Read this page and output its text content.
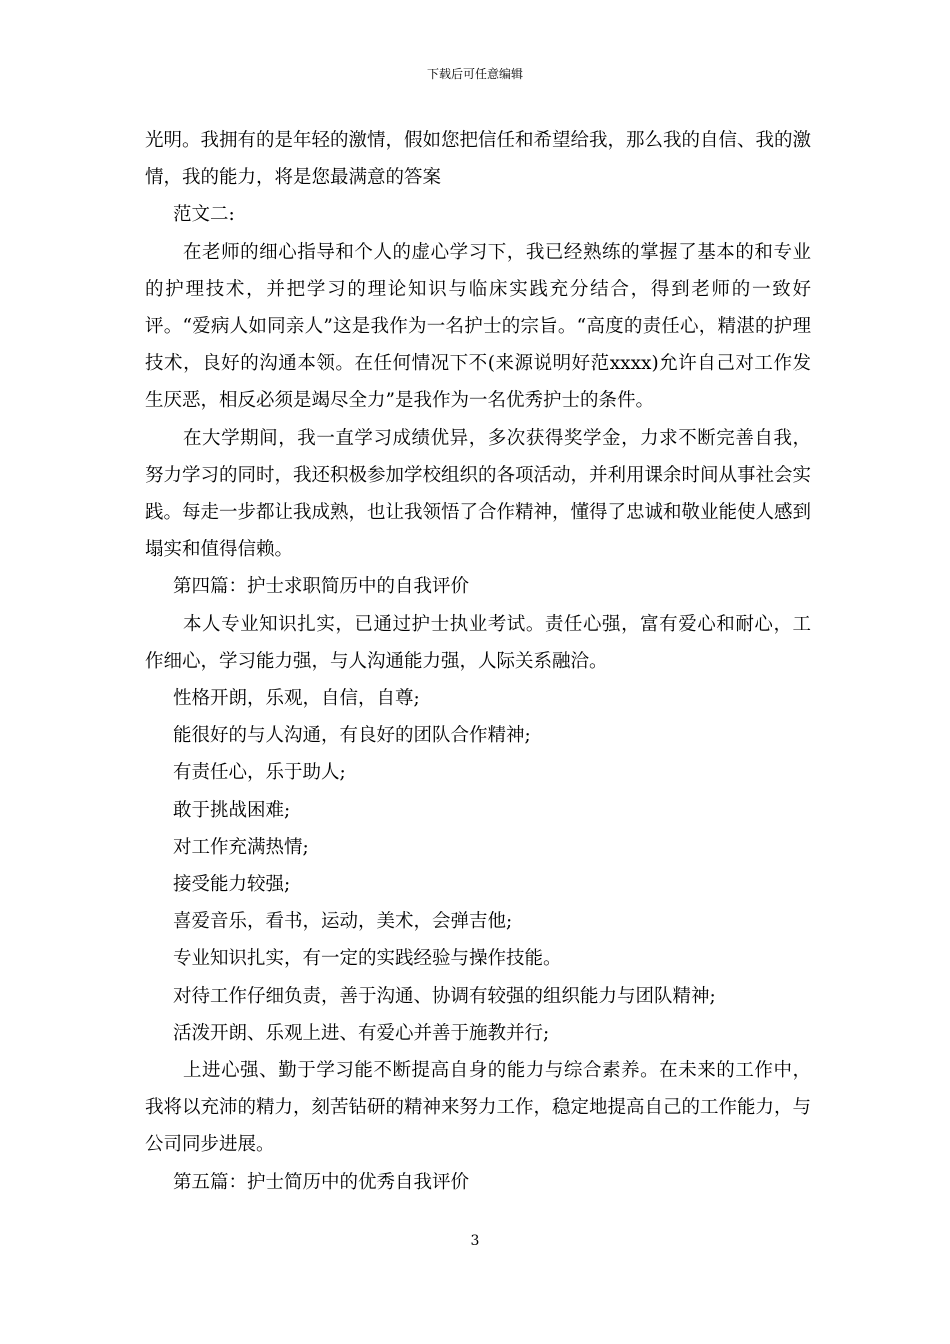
下载后可任意编辑

光明。我拥有的是年轻的激情，假如您把信任和希望给我，那么我的自信、我的激情，我的能力，将是您最满意的答案

范文二:

在老师的细心指导和个人的虚心学习下，我已经熟练的掌握了基本的和专业的护理技术，并把学习的理论知识与临床实践充分结合，得到老师的一致好评。“爱病人如同亲人”这是我作为一名护士的宗旨。“高度的责任心，精湛的护理技术，良好的沟通本领。在任何情况下不(来源说明好范xxxx)允许自己对工作发生厌恶，相反必须是竭尽全力”是我作为一名优秀护士的条件。

在大学期间，我一直学习成绩优异，多次获得奖学金，力求不断完善自我，努力学习的同时，我还积极参加学校组织的各项活动，并利用课余时间从事社会实践。每走一步都让我成熟，也让我领悟了合作精神，懂得了忠诚和敬业能使人感到塌实和值得信赖。

第四篇：护士求职简历中的自我评价

本人专业知识扎实，已通过护士执业考试。责任心强，富有爱心和耐心，工作细心，学习能力强，与人沟通能力强，人际关系融洽。

性格开朗，乐观，自信，自尊;

能很好的与人沟通，有良好的团队合作精神;

有责任心，乐于助人;

敢于挑战困难;

对工作充满热情;

接受能力较强;

喜爱音乐，看书，运动，美术，会弹吉他;

专业知识扎实，有一定的实践经验与操作技能。

对待工作仔细负责，善于沟通、协调有较强的组织能力与团队精神;

活泼开朗、乐观上进、有爱心并善于施教并行;

上进心强、勤于学习能不断提高自身的能力与综合素养。在未来的工作中，我将以充沛的精力，刻苦钻研的精神来努力工作，稳定地提高自己的工作能力，与公司同步进展。

第五篇：护士简历中的优秀自我评价

3
